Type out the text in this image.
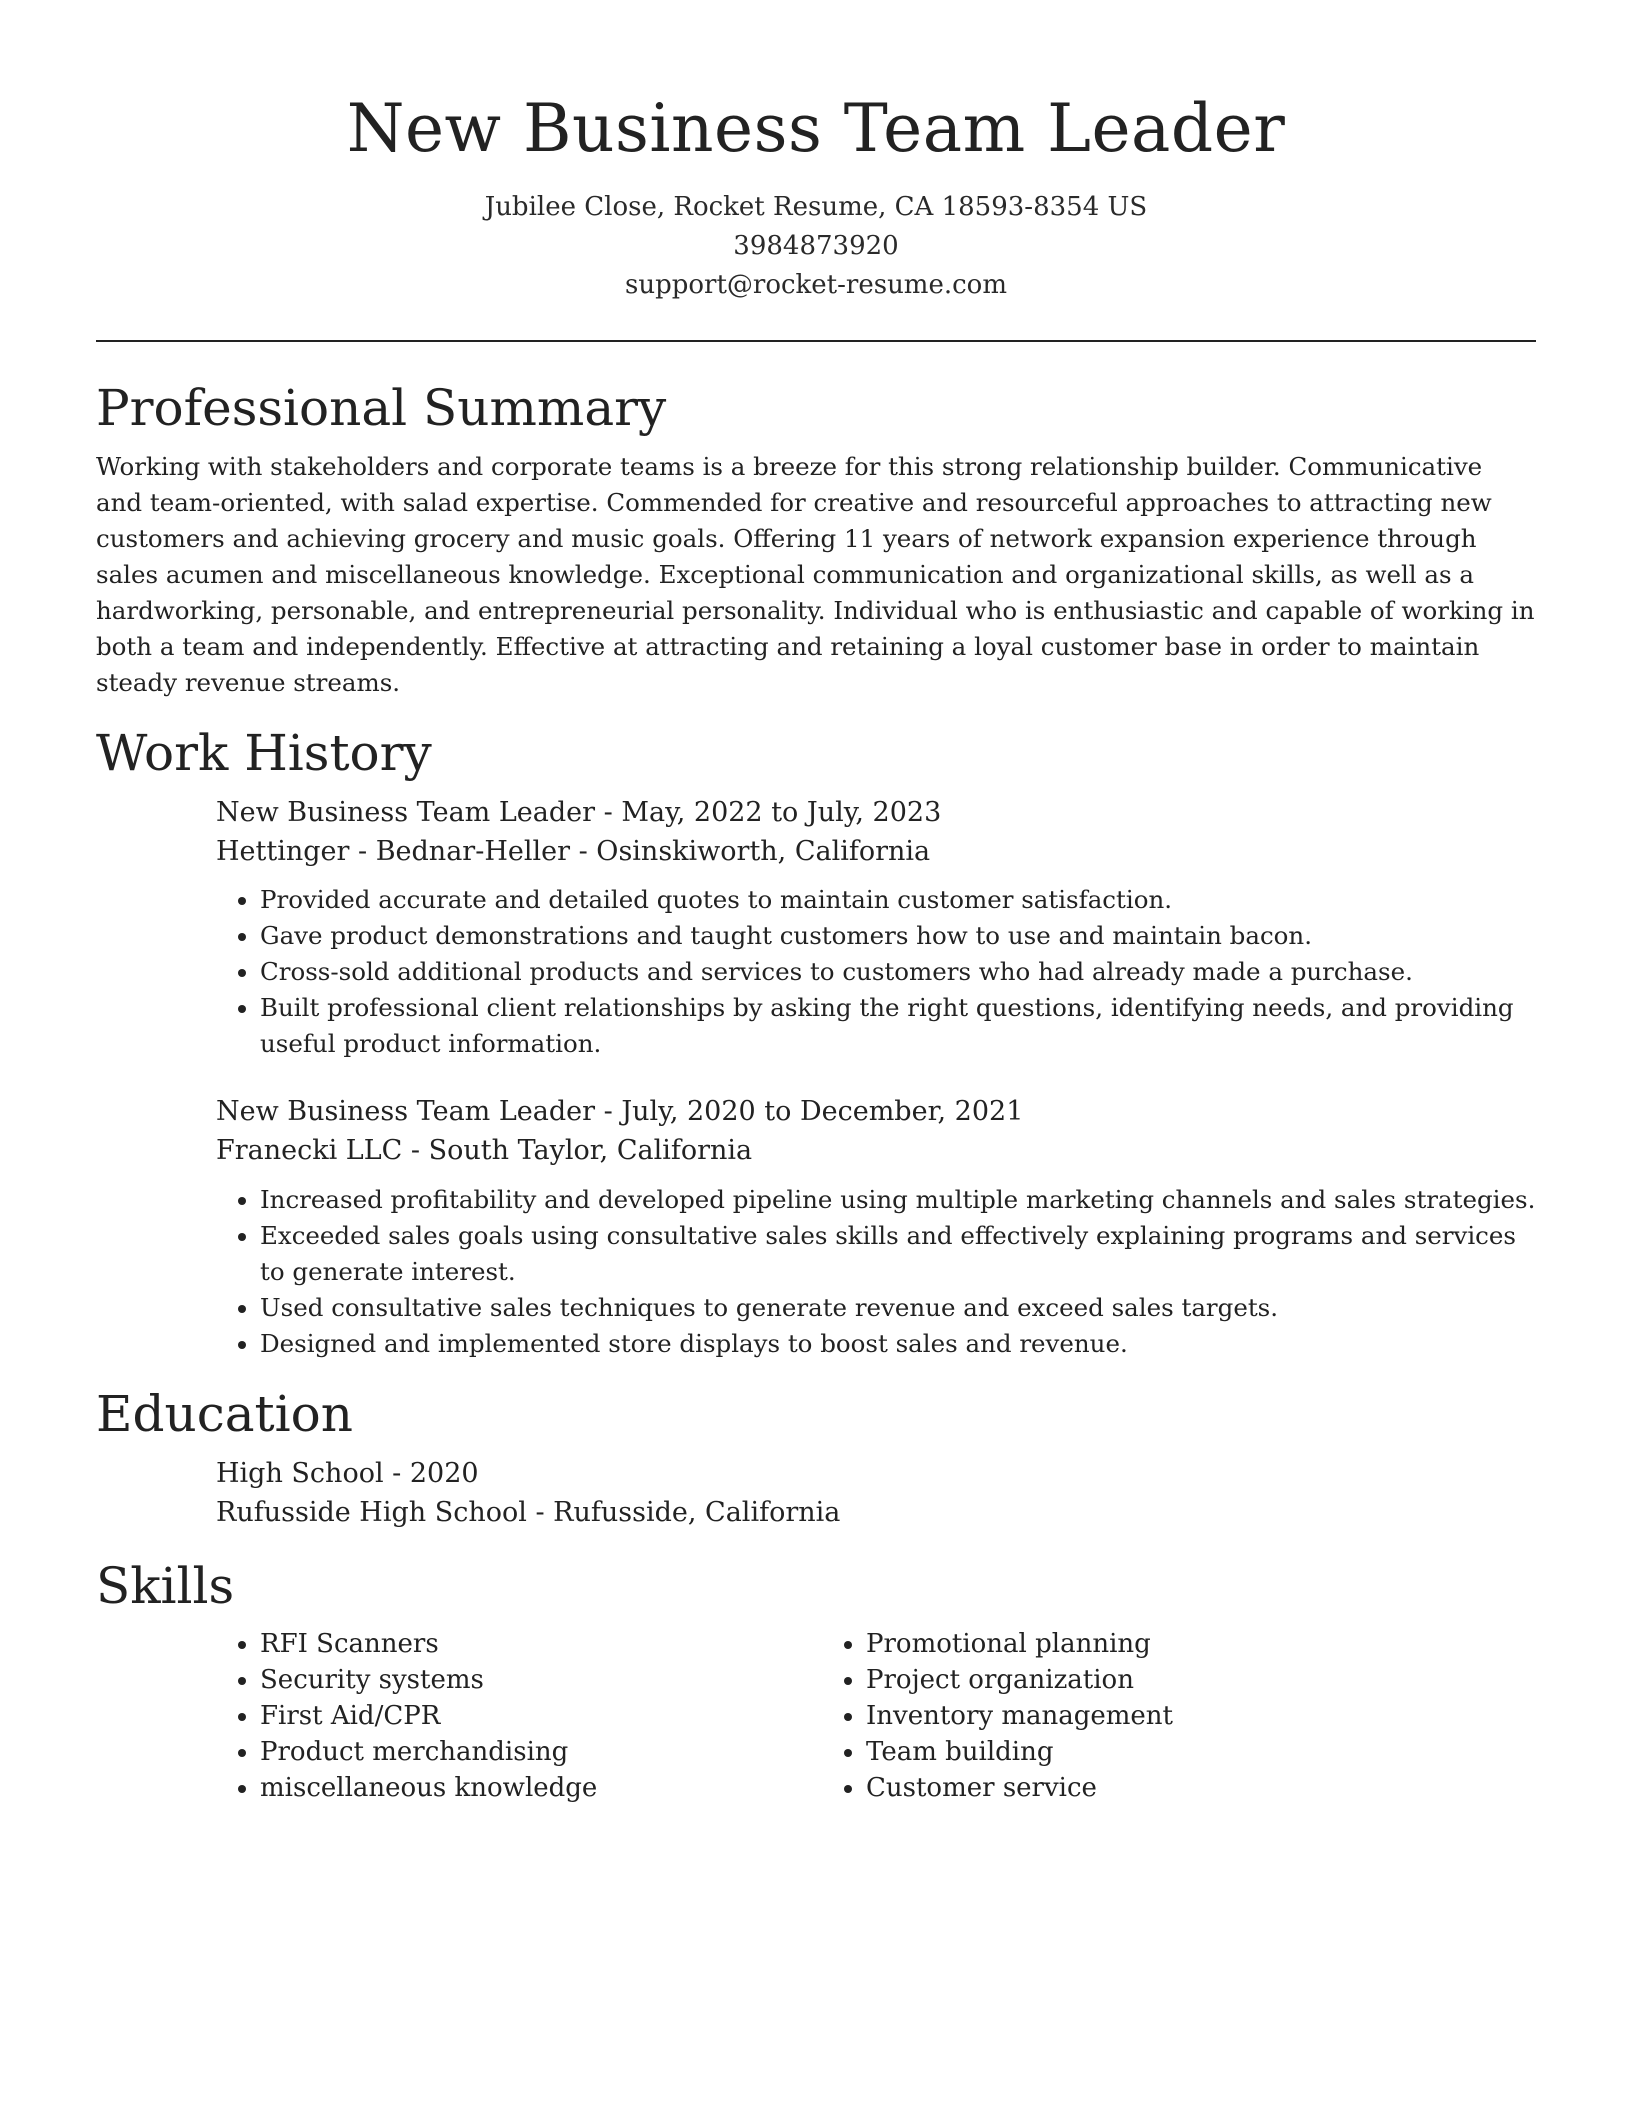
New Business Team Leader
Jubilee Close, Rocket Resume, CA 18593-8354 US
3984873920
support@rocket-resume.com
Professional Summary

Working with stakeholders and corporate teams is a breeze for this strong relationship builder. Communicative and team-oriented, with salad expertise. Commended for creative and resourceful approaches to attracting new customers and achieving grocery and music goals. Offering 11 years of network expansion experience through sales acumen and miscellaneous knowledge. Exceptional communication and organizational skills, as well as a hardworking, personable, and entrepreneurial personality. Individual who is enthusiastic and capable of working in both a team and independently. Effective at attracting and retaining a loyal customer base in order to maintain steady revenue streams.

Work History
New Business Team Leader - May, 2022 to July, 2023
Hettinger - Bednar-Heller - Osinskiworth, California
• Provided accurate and detailed quotes to maintain customer satisfaction.
• Gave product demonstrations and taught customers how to use and maintain bacon.
• Cross-sold additional products and services to customers who had already made a purchase.
• Built professional client relationships by asking the right questions, identifying needs, and providing useful product information.
New Business Team Leader - July, 2020 to December, 2021
Franecki LLC - South Taylor, California
• Increased profitability and developed pipeline using multiple marketing channels and sales strategies.
• Exceeded sales goals using consultative sales skills and effectively explaining programs and services to generate interest.
• Used consultative sales techniques to generate revenue and exceed sales targets.
• Designed and implemented store displays to boost sales and revenue.
Education
High School - 2020
Rufusside High School - Rufusside, California
Skills
• RFI Scanners
• Security systems
• First Aid/CPR
• Product merchandising
• miscellaneous knowledge
• Promotional planning
• Project organization
• Inventory management
• Team building
• Customer service
